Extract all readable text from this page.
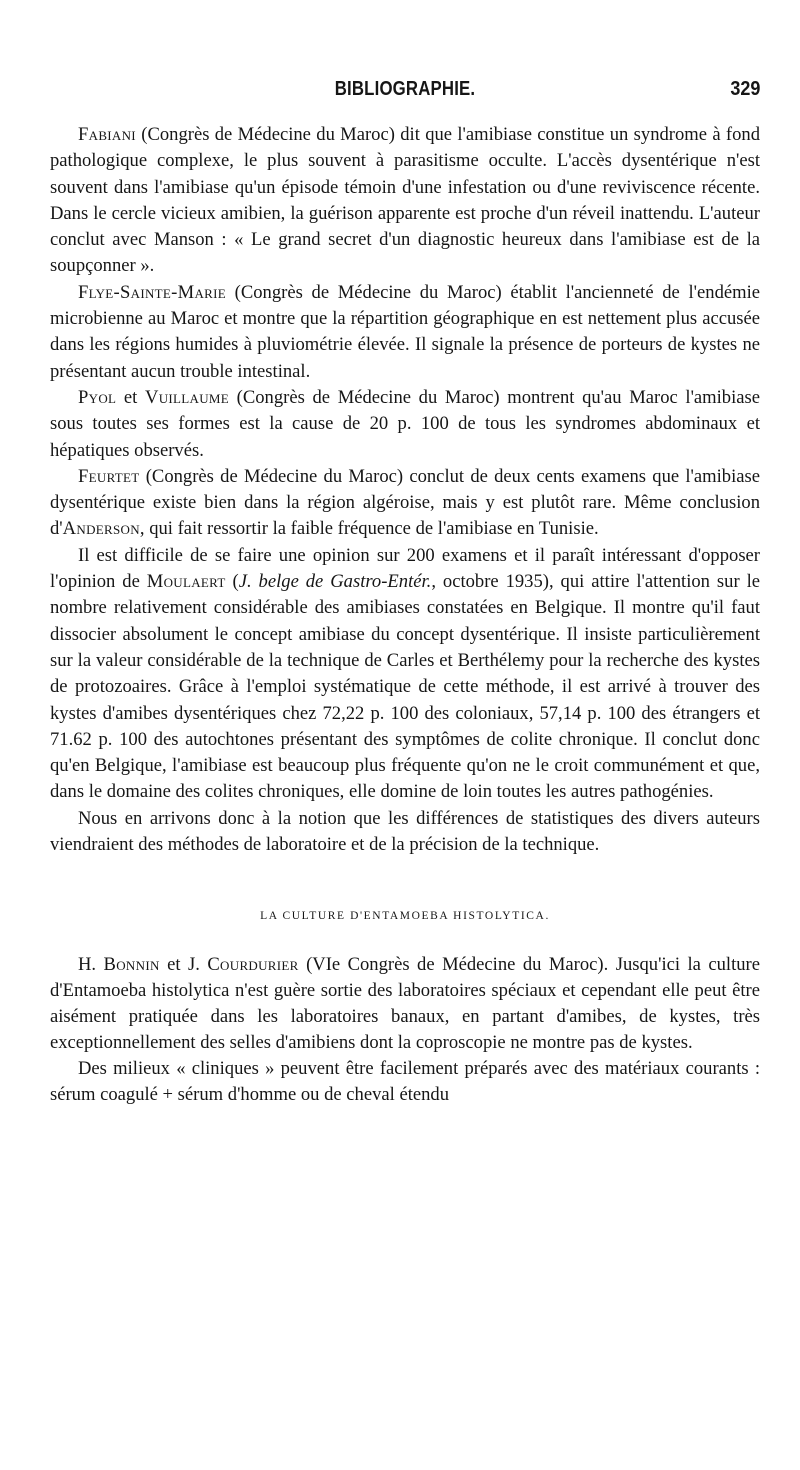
BIBLIOGRAPHIE.	329

Fabiani (Congrès de Médecine du Maroc) dit que l'amibiase constitue un syndrome à fond pathologique complexe, le plus souvent à parasitisme occulte. L'accès dysentérique n'est souvent dans l'amibiase qu'un épisode témoin d'une infestation ou d'une reviviscence récente. Dans le cercle vicieux amibien, la guérison apparente est proche d'un réveil inattendu. L'auteur conclut avec Manson : « Le grand secret d'un diagnostic heureux dans l'amibiase est de la soupçonner ».

Flye-Sainte-Marie (Congrès de Médecine du Maroc) établit l'ancienneté de l'endémie microbienne au Maroc et montre que la répartition géographique en est nettement plus accusée dans les régions humides à pluviométrie élevée. Il signale la présence de porteurs de kystes ne présentant aucun trouble intestinal.

Pyol et Vuillaume (Congrès de Médecine du Maroc) montrent qu'au Maroc l'amibiase sous toutes ses formes est la cause de 20 p. 100 de tous les syndromes abdominaux et hépatiques observés.

Feurtet (Congrès de Médecine du Maroc) conclut de deux cents examens que l'amibiase dysentérique existe bien dans la région algéroise, mais y est plutôt rare. Même conclusion d'Anderson, qui fait ressortir la faible fréquence de l'amibiase en Tunisie.

Il est difficile de se faire une opinion sur 200 examens et il paraît intéressant d'opposer l'opinion de Moulaert (J. belge de Gastro-Entér., octobre 1935), qui attire l'attention sur le nombre relativement considérable des amibiases constatées en Belgique. Il montre qu'il faut dissocier absolument le concept amibiase du concept dysentérique. Il insiste particulièrement sur la valeur considérable de la technique de Carles et Berthélemy pour la recherche des kystes de protozoaires. Grâce à l'emploi systématique de cette méthode, il est arrivé à trouver des kystes d'amibes dysentériques chez 72,22 p. 100 des coloniaux, 57,14 p. 100 des étrangers et 71.62 p. 100 des autochtones présentant des symptômes de colite chronique. Il conclut donc qu'en Belgique, l'amibiase est beaucoup plus fréquente qu'on ne le croit communément et que, dans le domaine des colites chroniques, elle domine de loin toutes les autres pathogénies.

Nous en arrivons donc à la notion que les différences de statistiques des divers auteurs viendraient des méthodes de laboratoire et de la précision de la technique.

LA CULTURE D'ENTAMOEBA HISTOLYTICA.

H. Bonnin et J. Courdurier (VIe Congrès de Médecine du Maroc). Jusqu'ici la culture d'Entamoeba histolytica n'est guère sortie des laboratoires spéciaux et cependant elle peut être aisément pratiquée dans les laboratoires banaux, en partant d'amibes, de kystes, très exceptionnellement des selles d'amibiens dont la coproscopie ne montre pas de kystes.

Des milieux « cliniques » peuvent être facilement préparés avec des matériaux courants : sérum coagulé + sérum d'homme ou de cheval étendu
